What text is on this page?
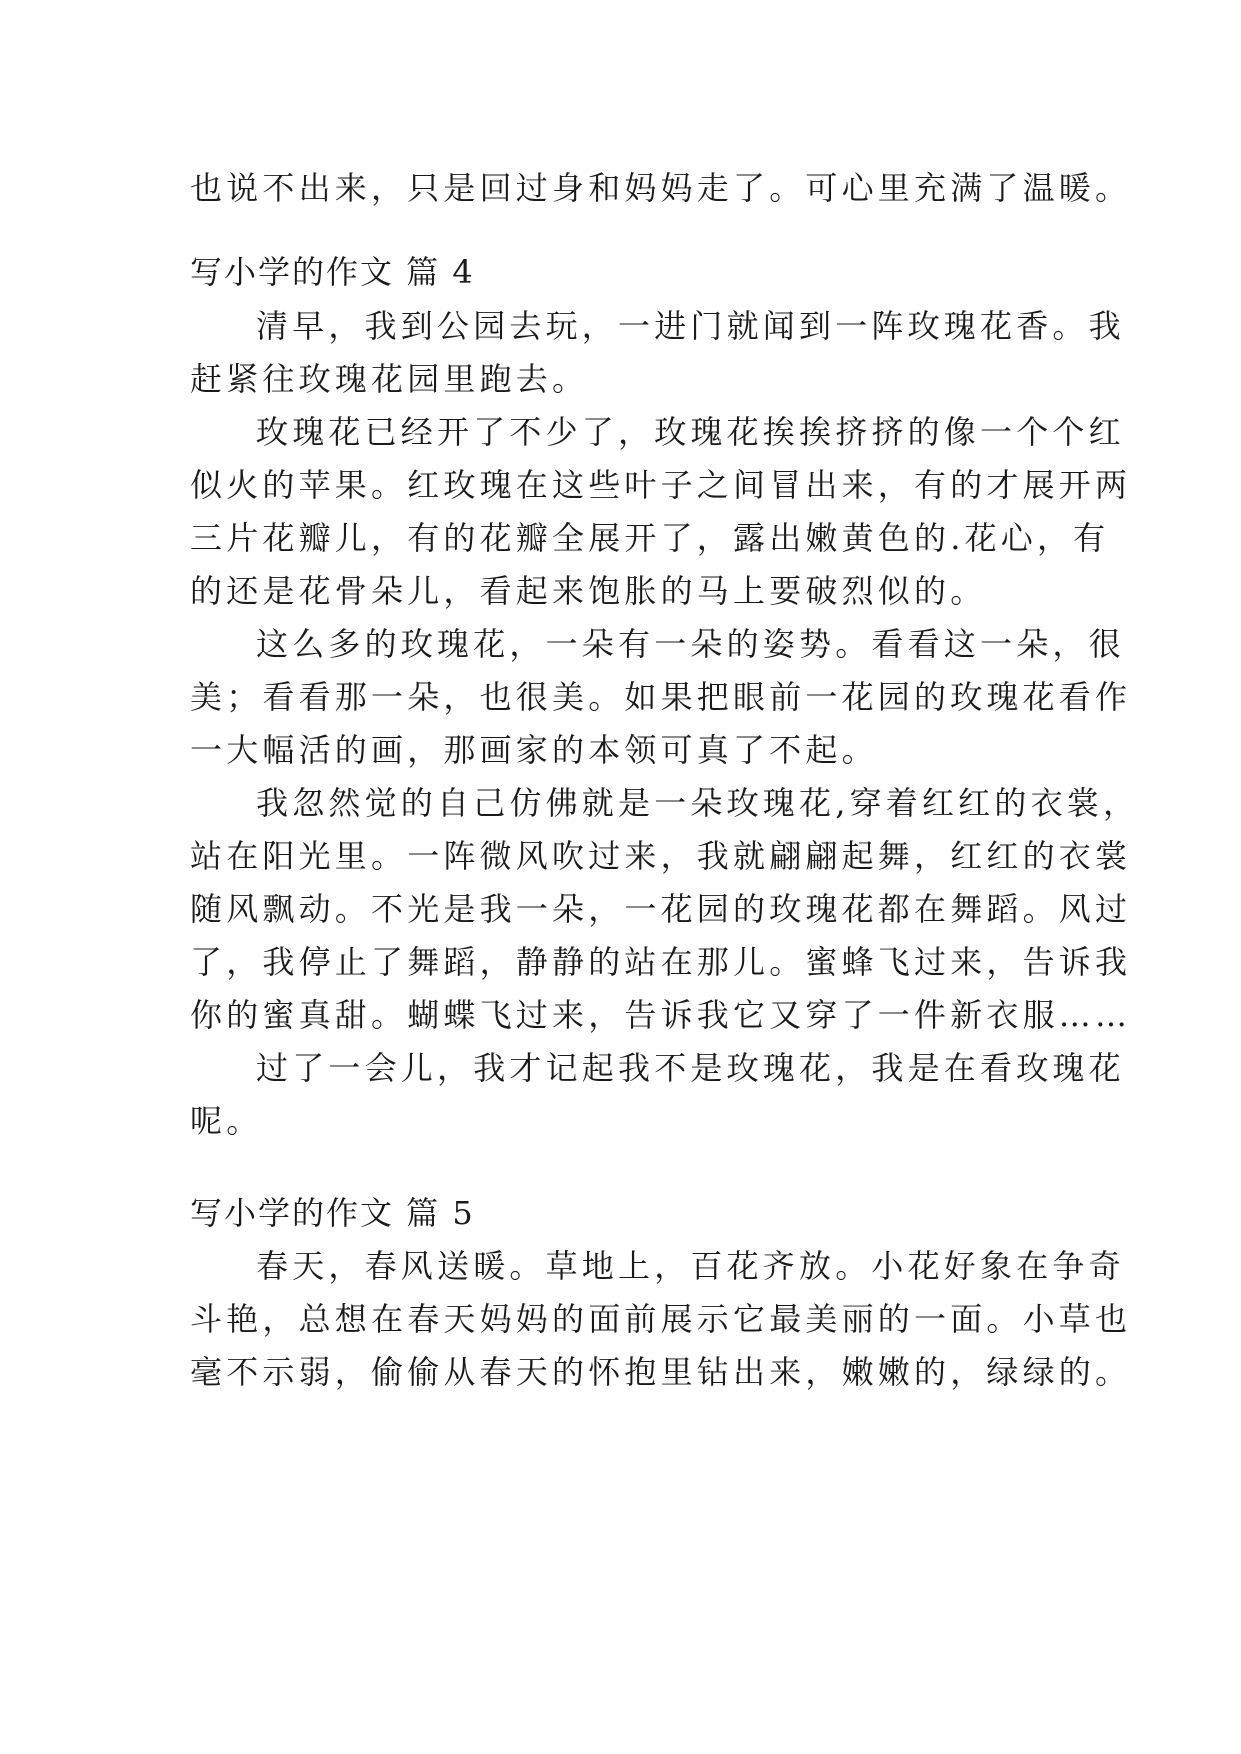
也说不出来，只是回过身和妈妈走了。可心里充满了温暖。
写小学的作文 篇 4
清早，我到公园去玩，一进门就闻到一阵玫瑰花香。我
赶紧往玫瑰花园里跑去。
玫瑰花已经开了不少了，玫瑰花挨挨挤挤的像一个个红
似火的苹果。红玫瑰在这些叶子之间冒出来，有的才展开两
三片花瓣儿，有的花瓣全展开了，露出嫩黄色的.花心，有
的还是花骨朵儿，看起来饱胀的马上要破烈似的。
这么多的玫瑰花，一朵有一朵的姿势。看看这一朵，很
美；看看那一朵，也很美。如果把眼前一花园的玫瑰花看作
一大幅活的画，那画家的本领可真了不起。
我忽然觉的自己仿佛就是一朵玫瑰花,穿着红红的衣裳，
站在阳光里。一阵微风吹过来，我就翩翩起舞，红红的衣裳
随风飘动。不光是我一朵，一花园的玫瑰花都在舞蹈。风过
了，我停止了舞蹈，静静的站在那儿。蜜蜂飞过来，告诉我
你的蜜真甜。蝴蝶飞过来，告诉我它又穿了一件新衣服……
过了一会儿，我才记起我不是玫瑰花，我是在看玫瑰花
呢。
写小学的作文 篇 5
春天，春风送暖。草地上，百花齐放。小花好象在争奇
斗艳，总想在春天妈妈的面前展示它最美丽的一面。小草也
毫不示弱，偷偷从春天的怀抱里钻出来，嫩嫩的，绿绿的。
